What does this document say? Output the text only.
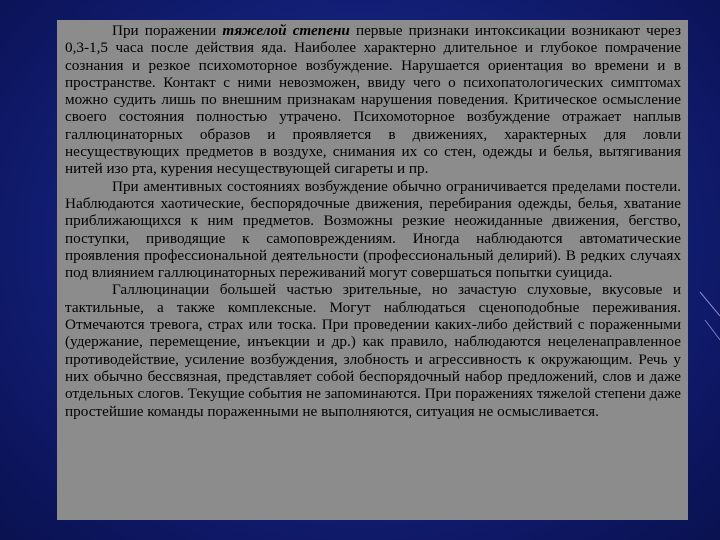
При поражении тяжелой степени первые признаки интоксикации возникают через 0,3-1,5 часа после действия яда. Наиболее характерно длительное и глубокое помрачение сознания и резкое психомоторное возбуждение. Нарушается ориентация во времени и в пространстве. Контакт с ними невозможен, ввиду чего о психопатологических симптомах можно судить лишь по внешним признакам нарушения поведения. Критическое осмысление своего состояния полностью утрачено. Психомоторное возбуждение отражает наплыв галлюцинаторных образов и проявляется в движениях, характерных для ловли несуществующих предметов в воздухе, снимания их со стен, одежды и белья, вытягивания нитей изо рта, курения несуществующей сигареты и пр.

При аментивных состояниях возбуждение обычно ограничивается пределами постели. Наблюдаются хаотические, беспорядочные движения, перебирания одежды, белья, хватание приближающихся к ним предметов. Возможны резкие неожиданные движения, бегство, поступки, приводящие к самоповреждениям. Иногда наблюдаются автоматические проявления профессиональной деятельности (профессиональный делирий). В редких случаях под влиянием галлюцинаторных переживаний могут совершаться попытки суицида.

Галлюцинации большей частью зрительные, но зачастую слуховые, вкусовые и тактильные, а также комплексные. Могут наблюдаться сценоподобные переживания. Отмечаются тревога, страх или тоска. При проведении каких-либо действий с пораженными (удержание, перемещение, инъекции и др.) как правило, наблюдаются нецеленаправленное противодействие, усиление возбуждения, злобность и агрессивность к окружающим. Речь у них обычно бессвязная, представляет собой беспорядочный набор предложений, слов и даже отдельных слогов. Текущие события не запоминаются. При поражениях тяжелой степени даже простейшие команды пораженными не выполняются, ситуация не осмысливается.
